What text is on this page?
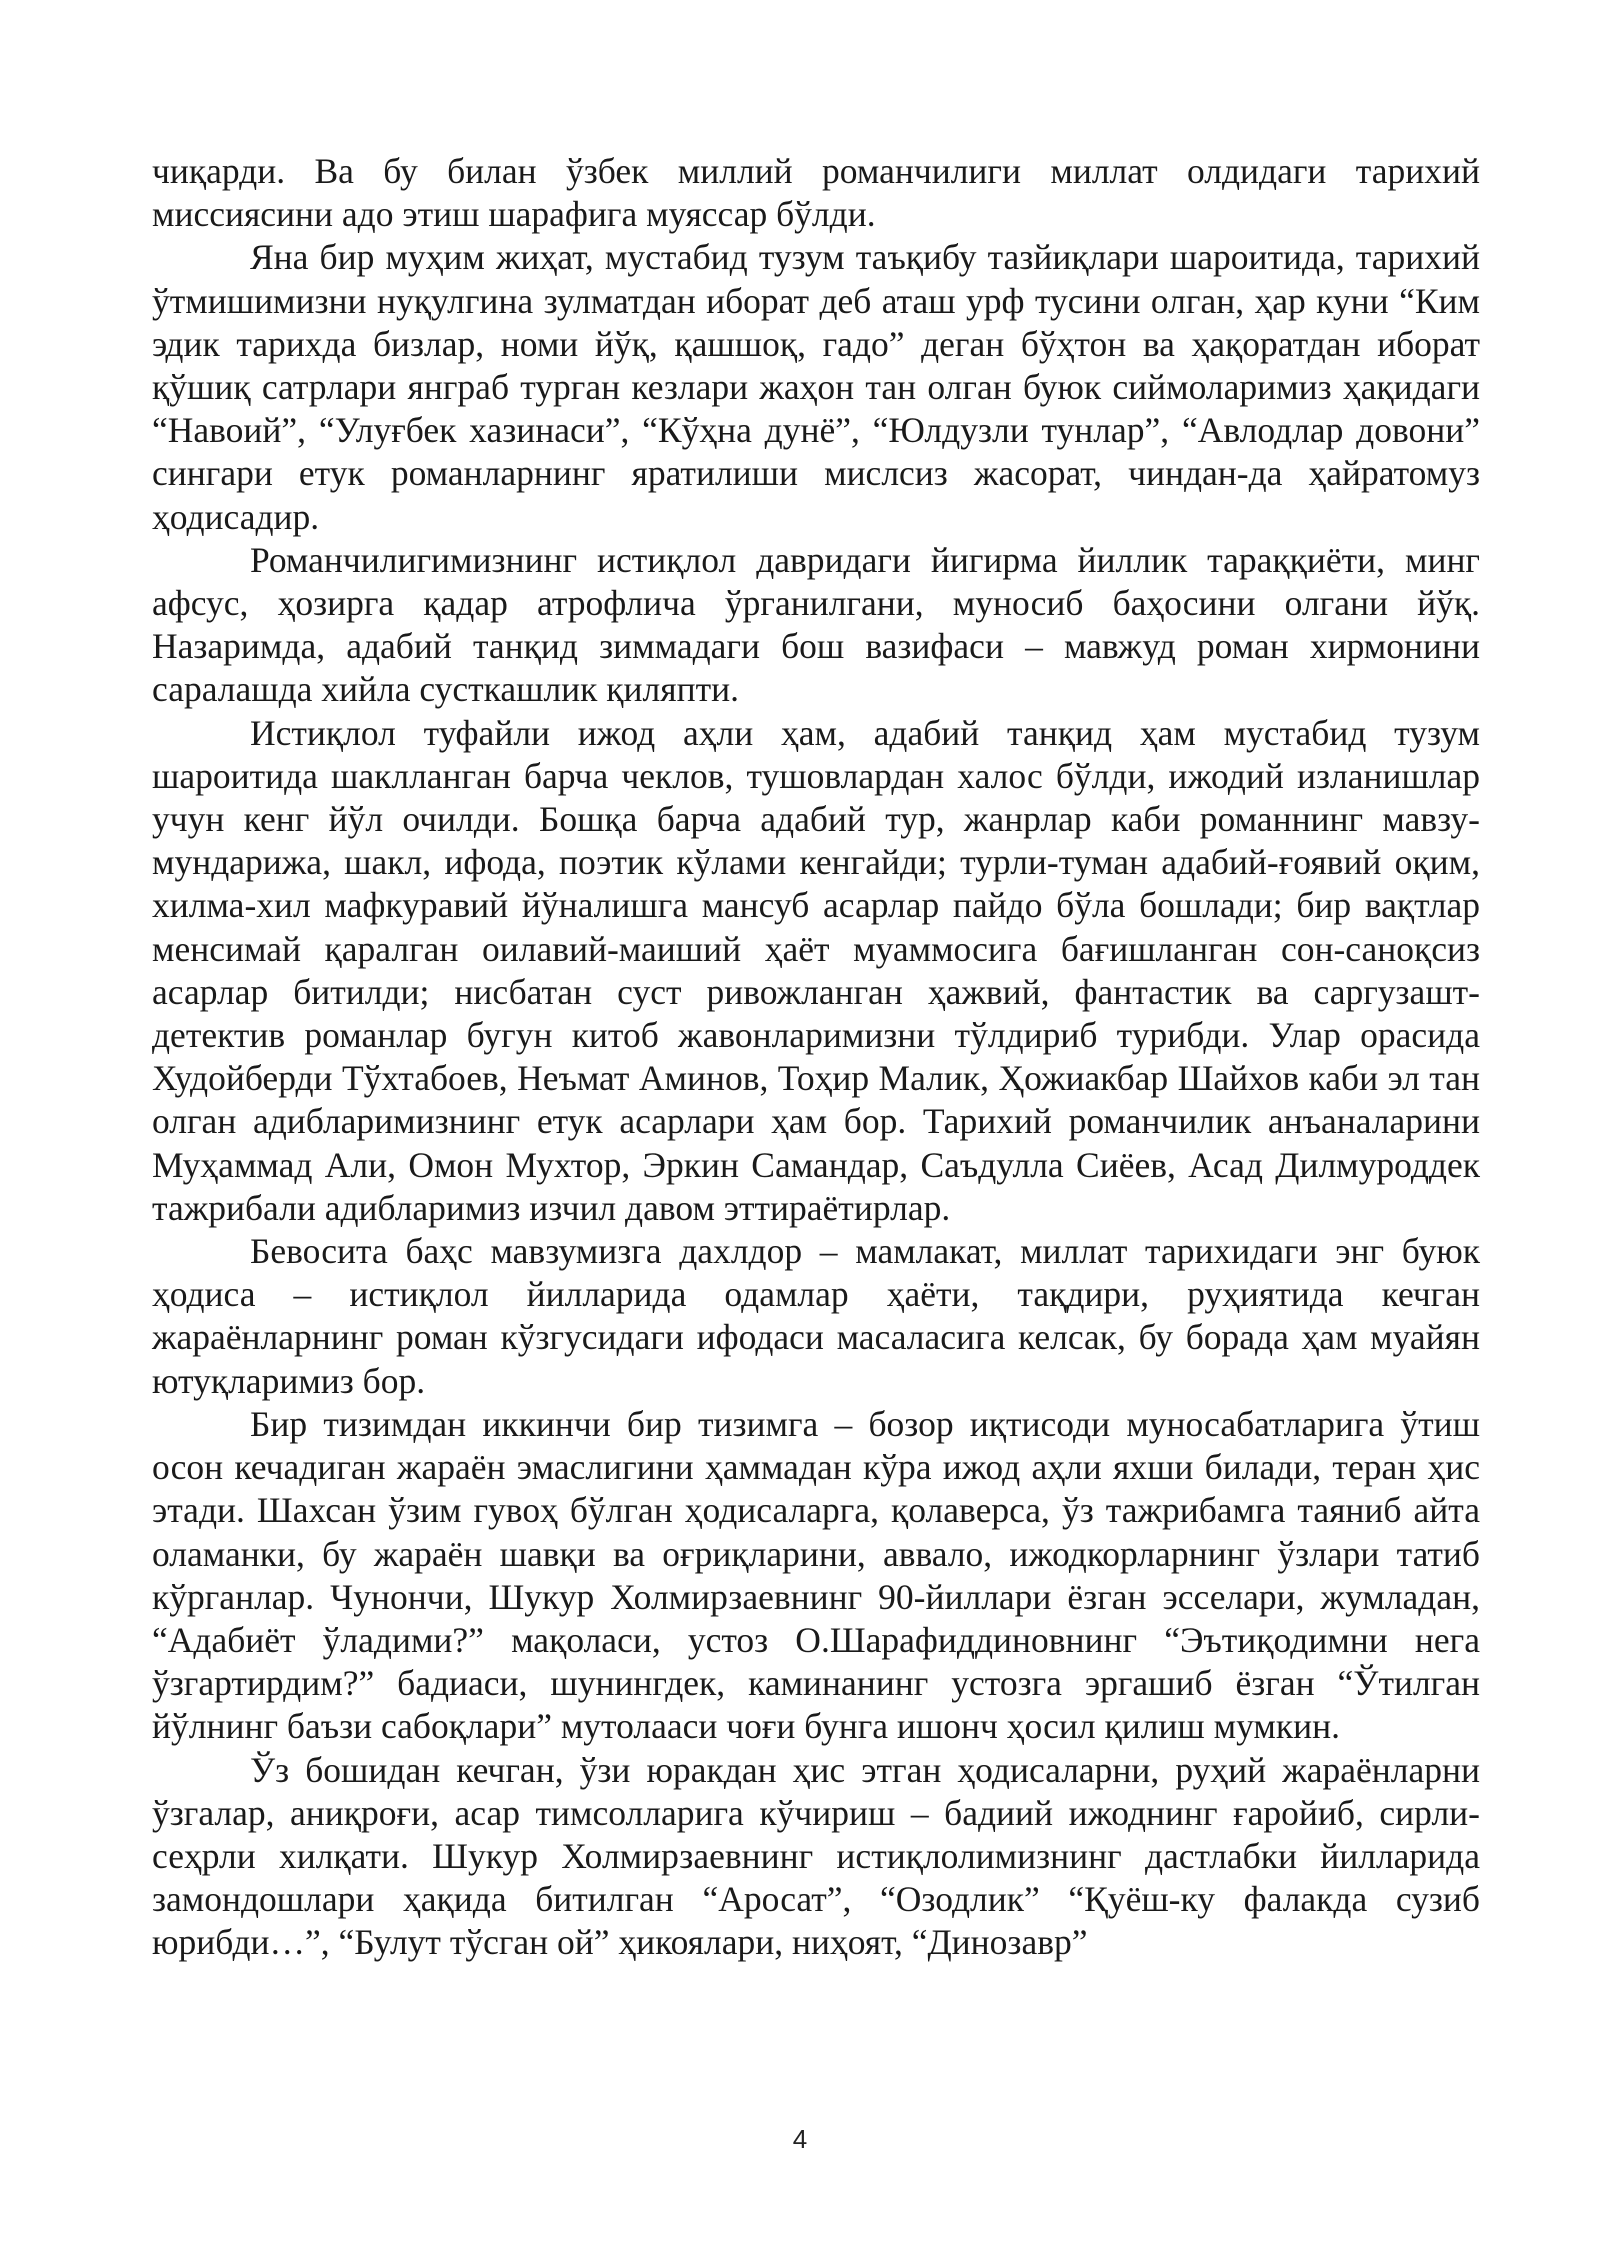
чиқарди. Ва бу билан ўзбек миллий романчилиги миллат олдидаги тарихий миссиясини адо этиш шарафига муяссар бўлди.

Яна бир муҳим жиҳат, мустабид тузум таъқибу тазйиқлари шароитида, тарихий ўтмишимизни нуқулгина зулматдан иборат деб аташ урф тусини олган, ҳар куни “Ким эдик тарихда бизлар, номи йўқ, қашшоқ, гадо” деган бўҳтон ва ҳақоратдан иборат қўшиқ сатрлари янграб турган кезлари жаҳон тан олган буюк сиймоларимиз ҳақидаги “Навоий”, “Улуғбек хазинаси”, “Кўҳна дунё”, “Юлдузли тунлар”, “Авлодлар довони” сингари етук романларнинг яратилиши мислсиз жасорат, чиндан-да ҳайратомуз ҳодисадир.

Романчилигимизнинг истиқлол давридаги йигирма йиллик тараққиёти, минг афсус, ҳозирга қадар атрофлича ўрганилгани, муносиб баҳосини олгани йўқ. Назаримда, адабий танқид зиммадаги бош вазифаси – мавжуд роман хирмонини саралашда хийла сусткашлик қиляпти.

Истиқлол туфайли ижод аҳли ҳам, адабий танқид ҳам мустабид тузум шароитида шаклланган барча чеклов, тушовлардан халос бўлди, ижодий изланишлар учун кенг йўл очилди. Бошқа барча адабий тур, жанрлар каби романнинг мавзу-мундарижа, шакл, ифода, поэтик кўлами кенгайди; турли-туман адабий-ғоявий оқим, хилма-хил мафкуравий йўналишга мансуб асарлар пайдо бўла бошлади; бир вақтлар менсимай қаралган оилавий-маиший ҳаёт муаммосига бағишланган сон-саноқсиз асарлар битилди; нисбатан суст ривожланган ҳажвий, фантастик ва саргузашт-детектив романлар бугун китоб жавонларимизни тўлдириб турибди. Улар орасида Худойберди Тўхтабоев, Неъмат Аминов, Тоҳир Малик, Ҳожиакбар Шайхов каби эл тан олган адибларимизнинг етук асарлари ҳам бор. Тарихий романчилик анъаналарини Муҳаммад Али, Омон Мухтор, Эркин Самандар, Саъдулла Сиёев, Асад Дилмуроддек тажрибали адибларимиз изчил давом эттираётирлар.

Бевосита баҳс мавзумизга дахлдор – мамлакат, миллат тарихидаги энг буюк ҳодиса – истиқлол йилларида одамлар ҳаёти, тақдири, руҳиятида кечган жараёнларнинг роман кўзгусидаги ифодаси масаласига келсак, бу борада ҳам муайян ютуқларимиз бор.

Бир тизимдан иккинчи бир тизимга – бозор иқтисоди муносабатларига ўтиш осон кечадиган жараён эмаслигини ҳаммадан кўра ижод аҳли яхши билади, теран ҳис этади. Шахсан ўзим гувоҳ бўлган ҳодисаларга, қолаверса, ўз тажрибамга таяниб айта оламанки, бу жараён шавқи ва оғриқларини, аввало, ижодкорларнинг ўзлари татиб кўрганлар. Чунончи, Шукур Холмирзаевнинг 90-йиллари ёзган эсселари, жумладан, “Адабиёт ўладими?” мақоласи, устоз О.Шарафиддиновнинг “Эътиқодимни нега ўзгартирдим?” бадиаси, шунингдек, каминанинг устозга эргашиб ёзган “Ўтилган йўлнинг баъзи сабоқлари” мутолааси чоғи бунга ишонч ҳосил қилиш мумкин.

Ўз бошидан кечган, ўзи юракдан ҳис этган ҳодисаларни, руҳий жараёнларни ўзгалар, аниқроғи, асар тимсолларига кўчириш – бадиий ижоднинг ғаройиб, сирли-сеҳрли хилқати. Шукур Холмирзаевнинг истиқлолимизнинг дастлабки йилларида замондошлари ҳақида битилган “Аросат”, “Озодлик” “Қуёш-ку фалакда сузиб юрибди…”, “Булут тўсган ой” ҳикоялари, ниҳоят, “Динозавр”

4
